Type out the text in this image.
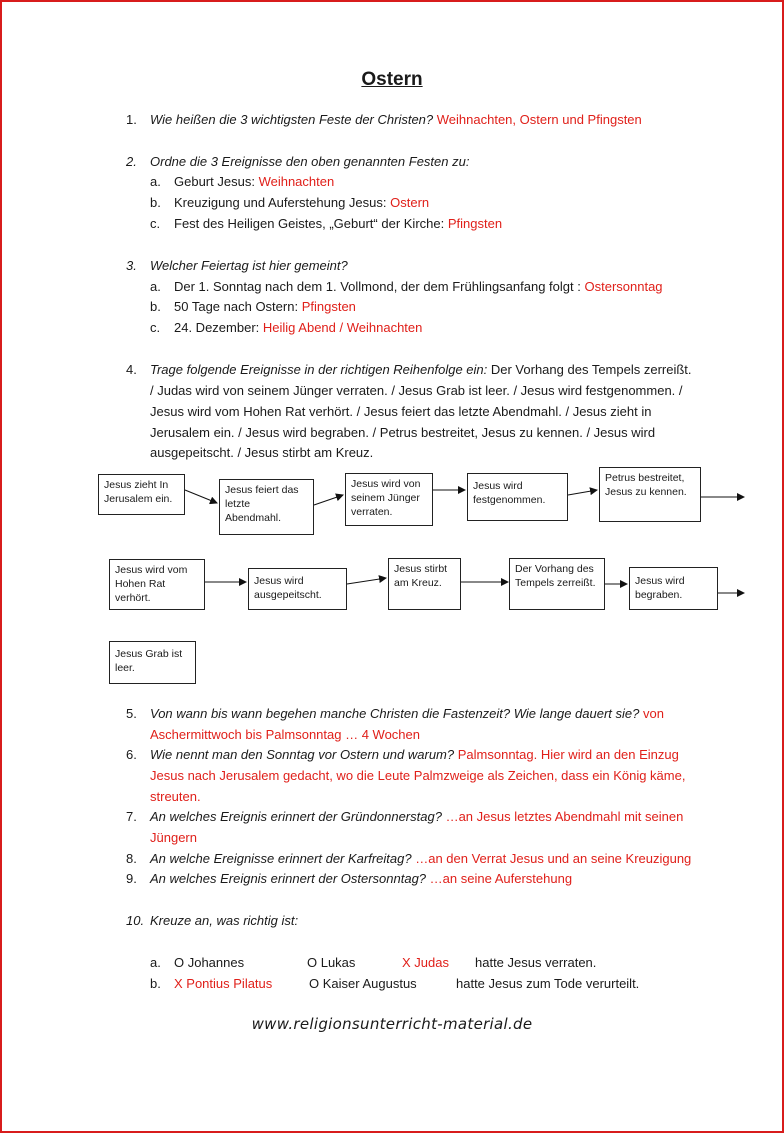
Ostern
1. Wie heißen die 3 wichtigsten Feste der Christen? Weihnachten, Ostern und Pfingsten
2. Ordne die 3 Ereignisse den oben genannten Festen zu:
a. Geburt Jesus: Weihnachten
b. Kreuzigung und Auferstehung Jesus: Ostern
c. Fest des Heiligen Geistes, „Geburt“ der Kirche: Pfingsten
3. Welcher Feiertag ist hier gemeint?
a. Der 1. Sonntag nach dem 1. Vollmond, der dem Frühlingsanfang folgt : Ostersonntag
b. 50 Tage nach Ostern: Pfingsten
c. 24. Dezember: Heilig Abend / Weihnachten
4. Trage folgende Ereignisse in der richtigen Reihenfolge ein: Der Vorhang des Tempels zerreißt.
/ Judas wird von seinem Jünger verraten. / Jesus Grab ist leer. / Jesus wird festgenommen. /
Jesus wird vom Hohen Rat verhört. / Jesus feiert das letzte Abendmahl. / Jesus zieht in
Jerusalem ein. / Jesus wird begraben. / Petrus bestreitet, Jesus zu kennen. / Jesus wird
ausgepeitscht. / Jesus stirbt am Kreuz.
Jesus zieht In Jerusalem ein.
Jesus feiert das letzte Abendmahl.
Jesus wird von seinem Jünger verraten.
Jesus wird festgenommen.
Petrus bestreitet, Jesus zu kennen.
Jesus wird vom Hohen Rat verhört.
Jesus wird ausgepeitscht.
Jesus stirbt am Kreuz.
Der Vorhang des Tempels zerreißt.	Jesus wird begraben.
Jesus Grab ist leer.
5. Von wann bis wann begehen manche Christen die Fastenzeit? Wie lange dauert sie? von
Aschermittwoch bis Palmsonntag … 4 Wochen
6. Wie nennt man den Sonntag vor Ostern und warum? Palmsonntag. Hier wird an den Einzug
Jesus nach Jerusalem gedacht, wo die Leute Palmzweige als Zeichen, dass ein König käme,
streuten.
7. An welches Ereignis erinnert der Gründonnerstag? …an Jesus letztes Abendmahl mit seinen
Jüngern
8. An welche Ereignisse erinnert der Karfreitag? …an den Verrat Jesus und an seine Kreuzigung
9. An welches Ereignis erinnert der Ostersonntag? …an seine Auferstehung
10. Kreuze an, was richtig ist:
a. O Johannes	O Lukas	X Judas hatte Jesus verraten.
b. X Pontius Pilatus	O Kaiser Augustus	hatte Jesus zum Tode verurteilt.
www.religionsunterricht-material.de
